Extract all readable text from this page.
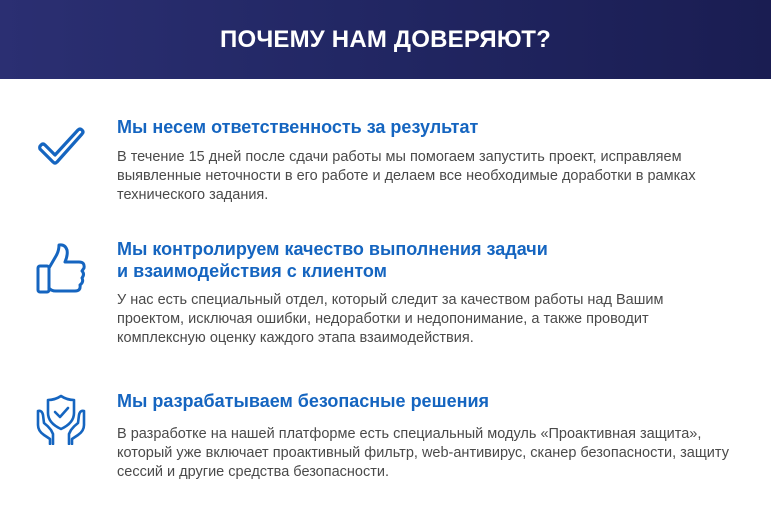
ПОЧЕМУ НАМ ДОВЕРЯЮТ?

Мы несем ответственность за результат

В течение 15 дней после сдачи работы мы помогаем запустить проект, исправляем выявленные неточности в его работе и делаем все необходимые доработки в рамках технического задания.

Мы контролируем качество выполнения задачи
и взаимодействия с клиентом

У нас есть специальный отдел, который следит за качеством работы над Вашим проектом, исключая ошибки, недоработки и недопонимание, а также проводит комплексную оценку каждого этапа взаимодействия.

Мы разрабатываем безопасные решения

В разработке на нашей платформе есть специальный модуль «Проактивная защита», который уже включает проактивный фильтр, web-антивирус, сканер безопасности, защиту сессий и другие средства безопасности.
